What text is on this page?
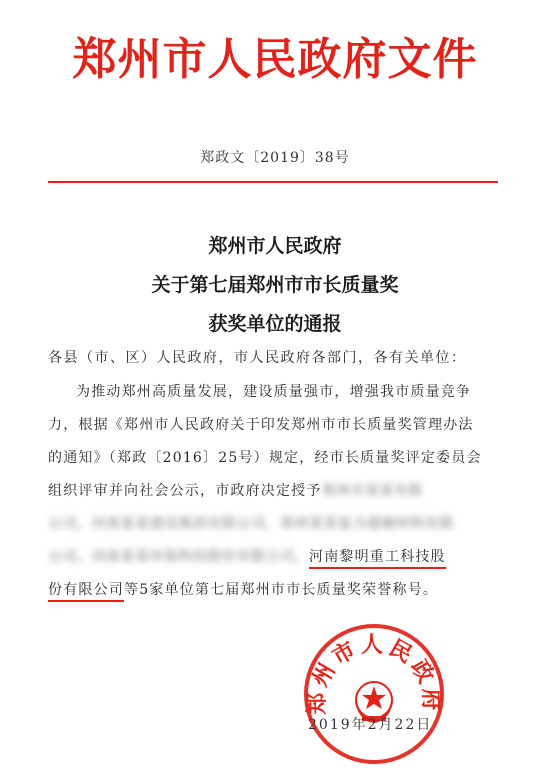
郑州市人民政府文件
郑政文〔2019〕38号
郑州市人民政府
关于第七届郑州市市长质量奖
获奖单位的通报
各县（市、区）人民政府，市人民政府各部门，各有关单位：
为推动郑州高质量发展，建设质量强市，增强我市质量竞争
力，根据《郑州市人民政府关于印发郑州市市长质量奖管理办法
的通知》（郑政〔2016〕25号）规定，经市长质量奖评定委员会
组织评审并向社会公示，市政府决定授予郑州市某某有限
公司，河南某某建设集团有限公司，郑州某某复合超硬材料有限
公司，河南某某环保科技股份有限公司，河南黎明重工科技股
份有限公司等5家单位第七届郑州市市长质量奖荣誉称号。
郑州市人民政府
2019年2月22日
